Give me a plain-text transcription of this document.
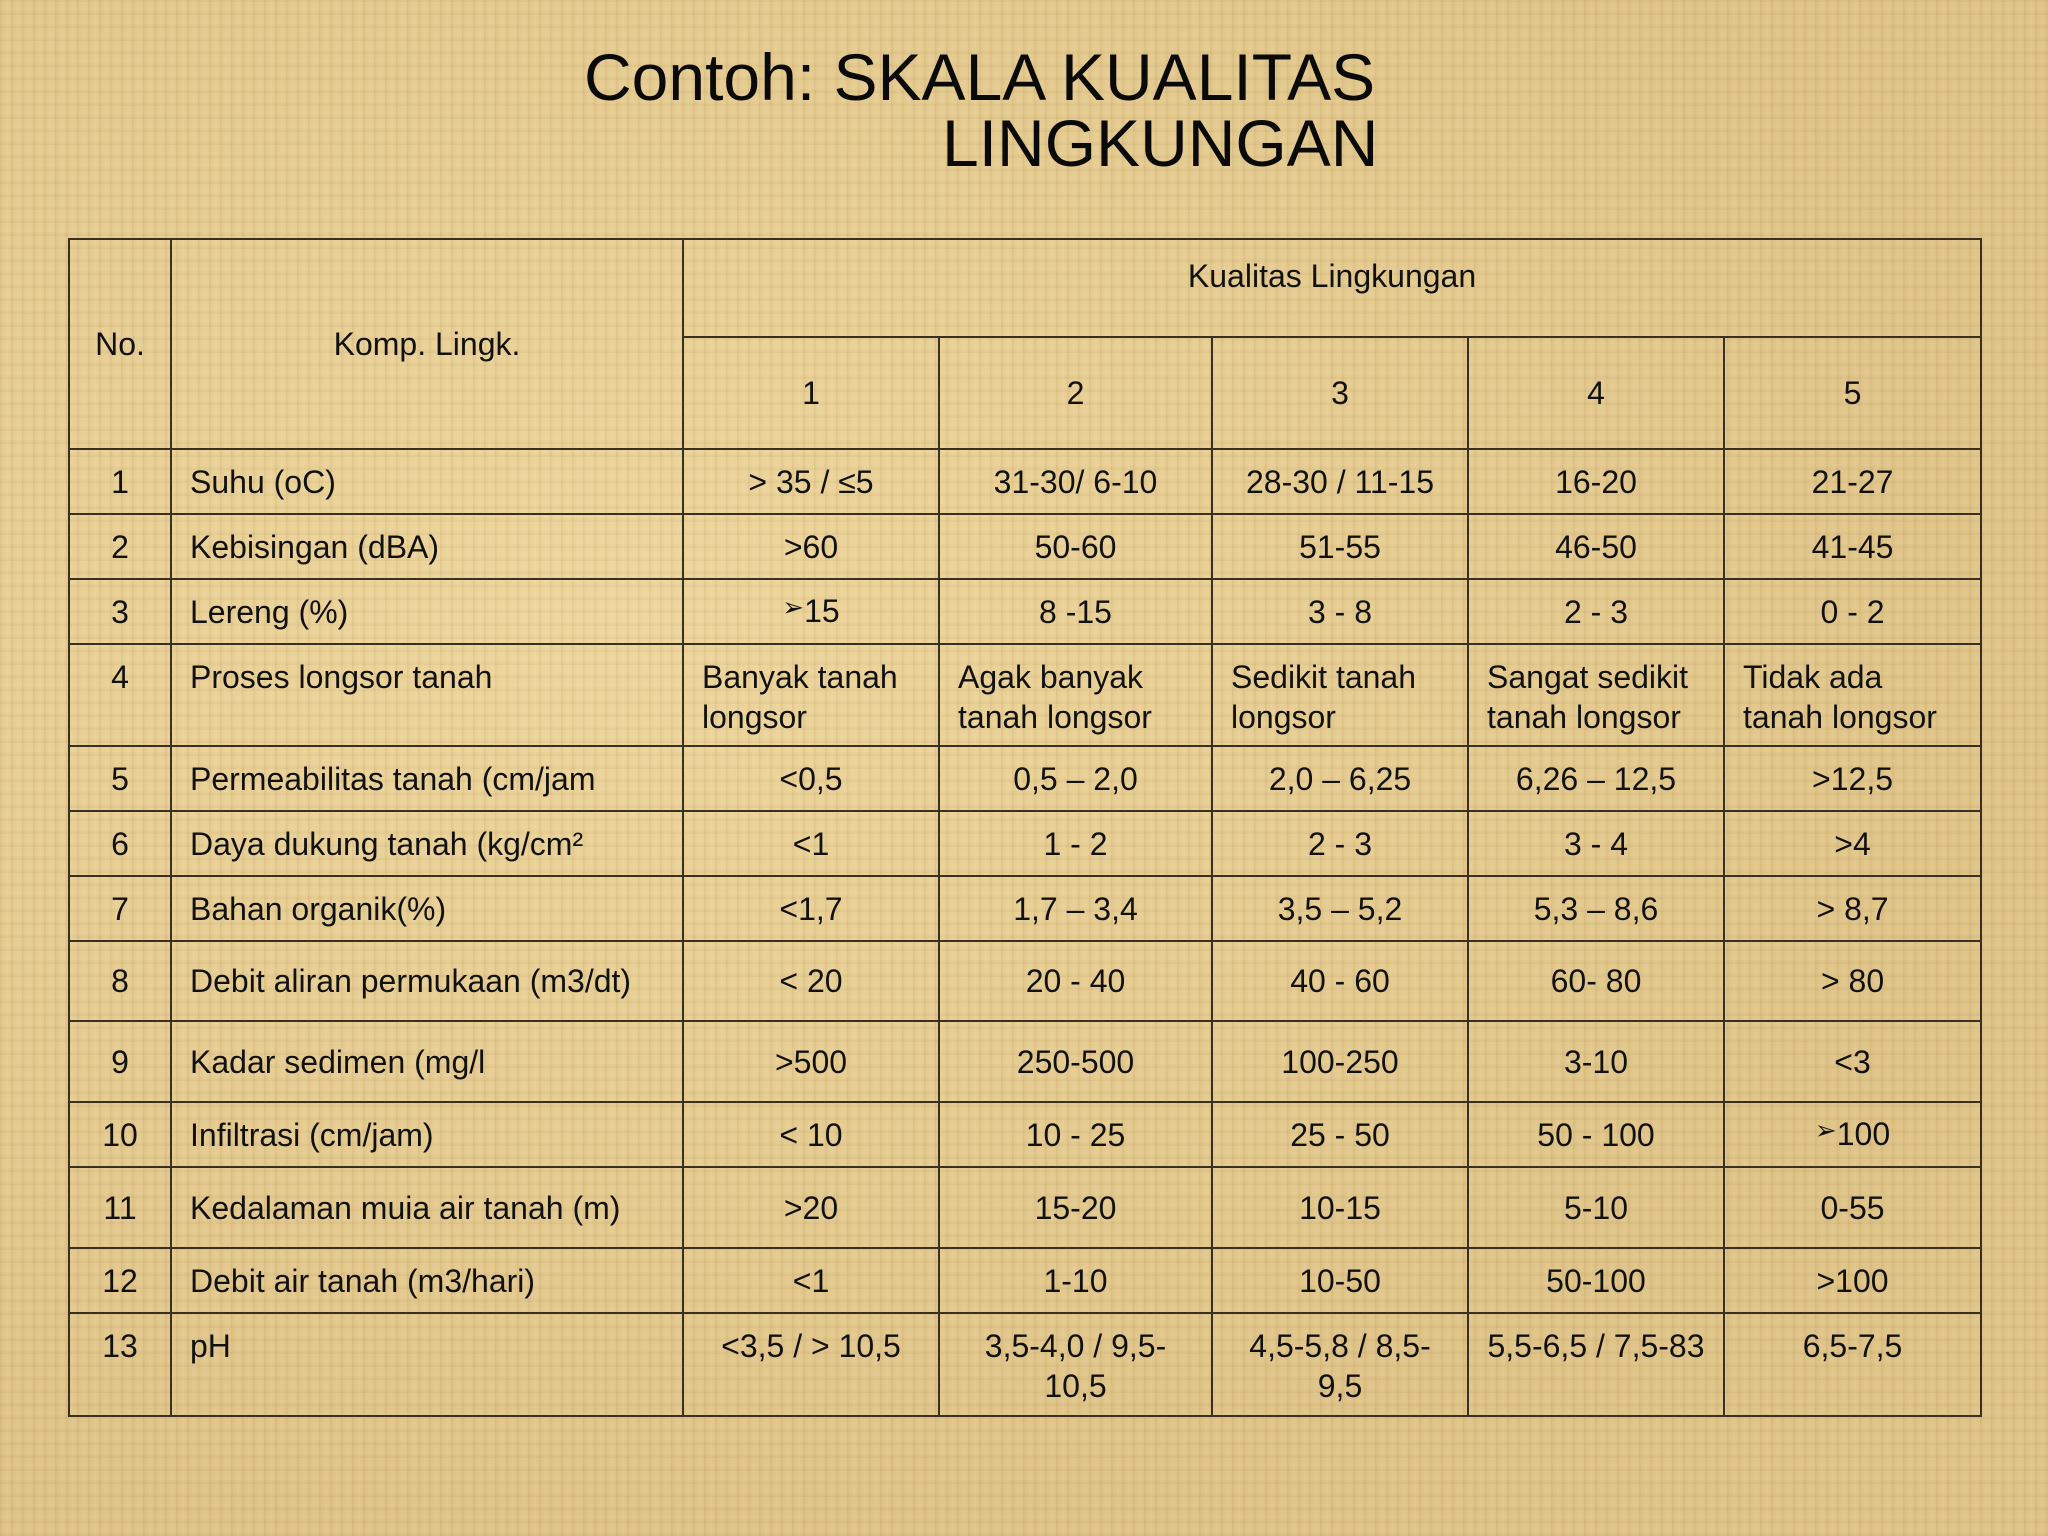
Contoh: SKALA KUALITAS
LINGKUNGAN
No.	Komp. Lingk.	Kualitas Lingkungan				
		1	2	3	4	5
1	Suhu (oC)	> 35 / ≤5	31-30/ 6-10	28-30 / 11-15	16-20	21-27
2	Kebisingan (dBA)	>60	50-60	51-55	46-50	41-45
3	Lereng (%)	➢15	8 -15	3 - 8	2 - 3	0 - 2
4	Proses longsor tanah	Banyak tanah longsor	Agak banyak tanah longsor	Sedikit tanah longsor	Sangat sedikit tanah longsor	Tidak ada tanah longsor
5	Permeabilitas tanah (cm/jam	<0,5	0,5 – 2,0	2,0 – 6,25	6,26 – 12,5	>12,5
6	Daya dukung tanah (kg/cm²	<1	1 - 2	2 - 3	3 - 4	>4
7	Bahan organik(%)	<1,7	1,7 – 3,4	3,5 – 5,2	5,3 – 8,6	> 8,7
8	Debit aliran permukaan (m3/dt)	< 20	20 - 40	40 - 60	60- 80	> 80
9	Kadar sedimen (mg/l	>500	250-500	100-250	3-10	<3
10	Infiltrasi (cm/jam)	< 10	10 - 25	25 - 50	50 - 100	➢100
11	Kedalaman muia air tanah (m)	>20	15-20	10-15	5-10	0-55
12	Debit air tanah (m3/hari)	<1	1-10	10-50	50-100	>100
13	pH	<3,5 / > 10,5	3,5-4,0 / 9,5-10,5	4,5-5,8 / 8,5-9,5	5,5-6,5 / 7,5-83	6,5-7,5
